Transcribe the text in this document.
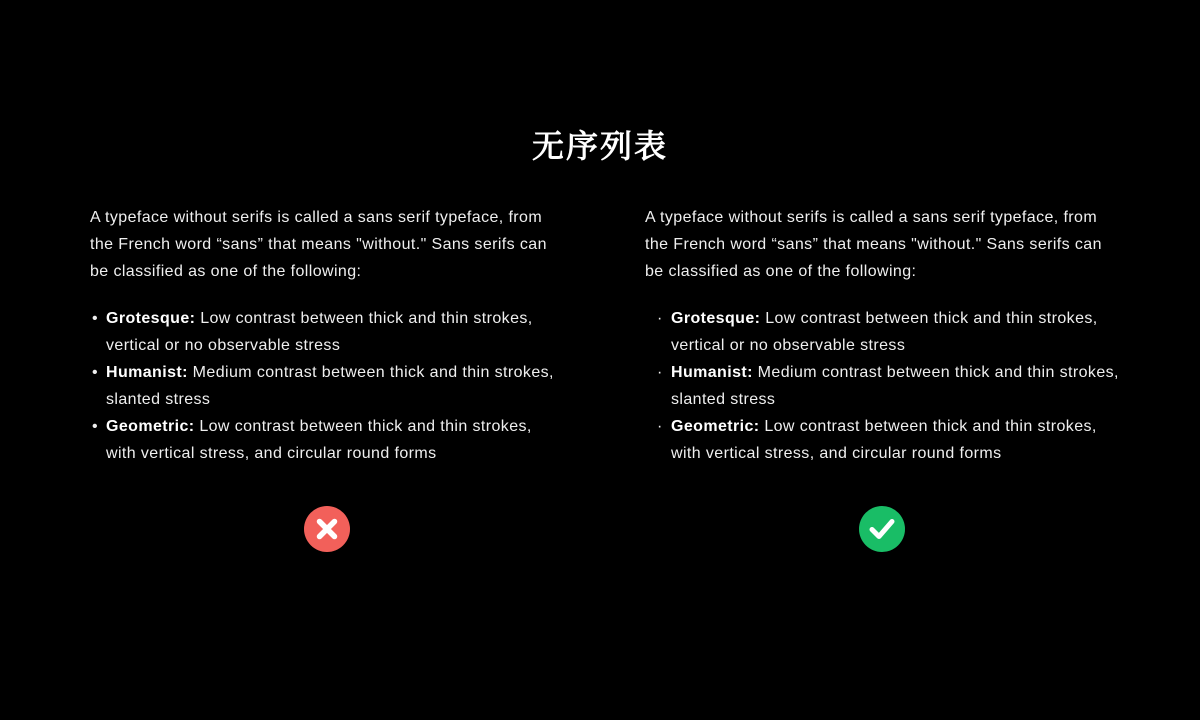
无序列表

A typeface without serifs is called a sans serif typeface, from the French word “sans” that means "without." Sans serifs can be classified as one of the following:

• Grotesque: Low contrast between thick and thin strokes, vertical or no observable stress
• Humanist: Medium contrast between thick and thin strokes, slanted stress
• Geometric: Low contrast between thick and thin strokes, with vertical stress, and circular round forms

A typeface without serifs is called a sans serif typeface, from the French word “sans” that means "without." Sans serifs can be classified as one of the following:

· Grotesque: Low contrast between thick and thin strokes, vertical or no observable stress
· Humanist: Medium contrast between thick and thin strokes, slanted stress
· Geometric: Low contrast between thick and thin strokes, with vertical stress, and circular round forms
